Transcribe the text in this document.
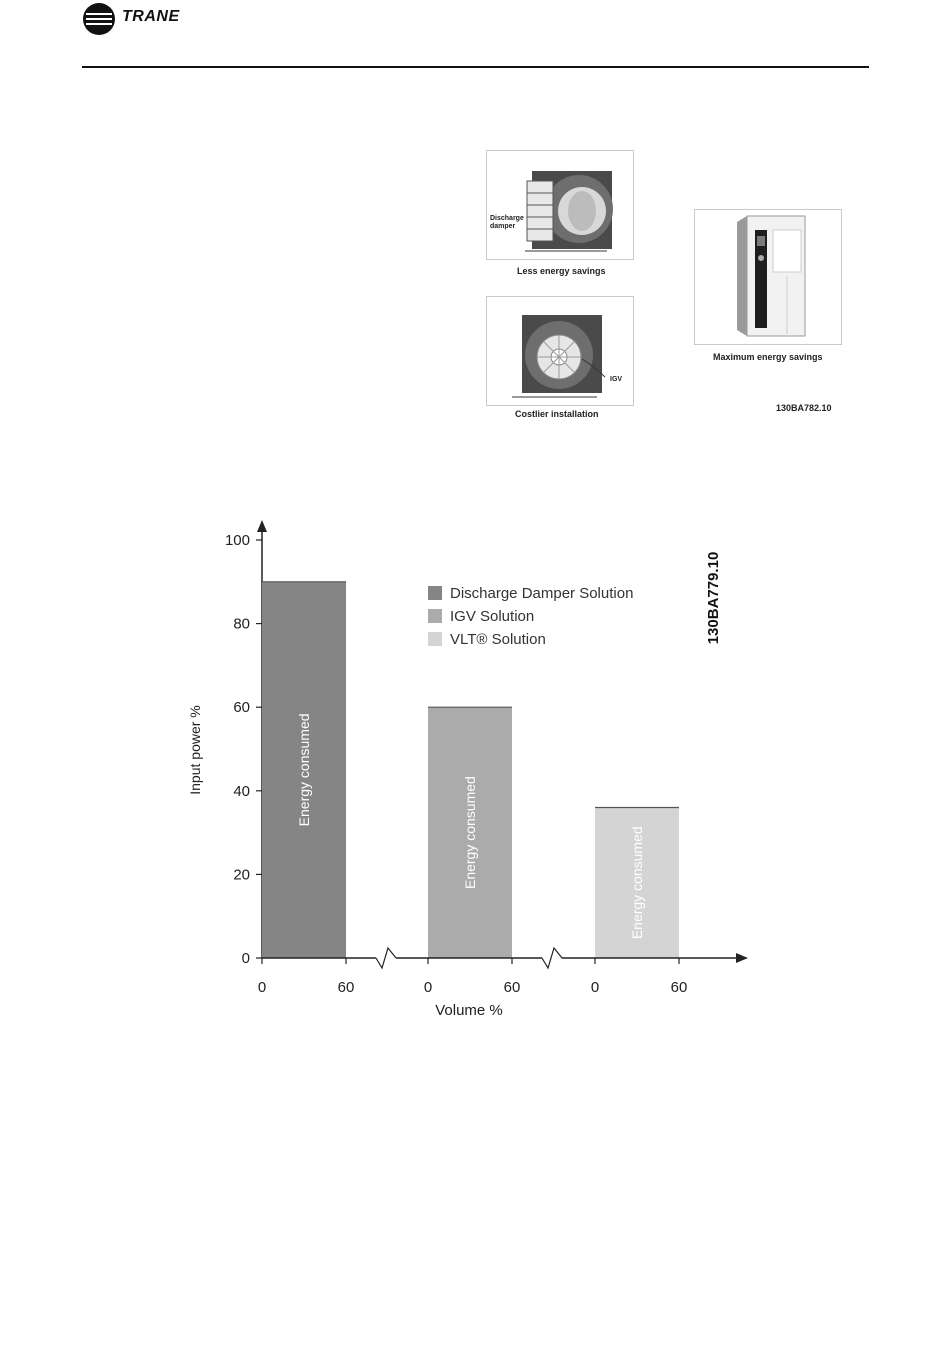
TRANE
Discharge damper
Less energy savings
IGV
Costlier installation
Maximum energy savings
130BA782.10
0
20
40
60
80
100
Input power %	Energy consumed
Energy consumed	Energy consumed
0	60	0	60	0	60
Volume %
Discharge Damper Solution
IGV Solution
VLT® Solution	130BA779.10
